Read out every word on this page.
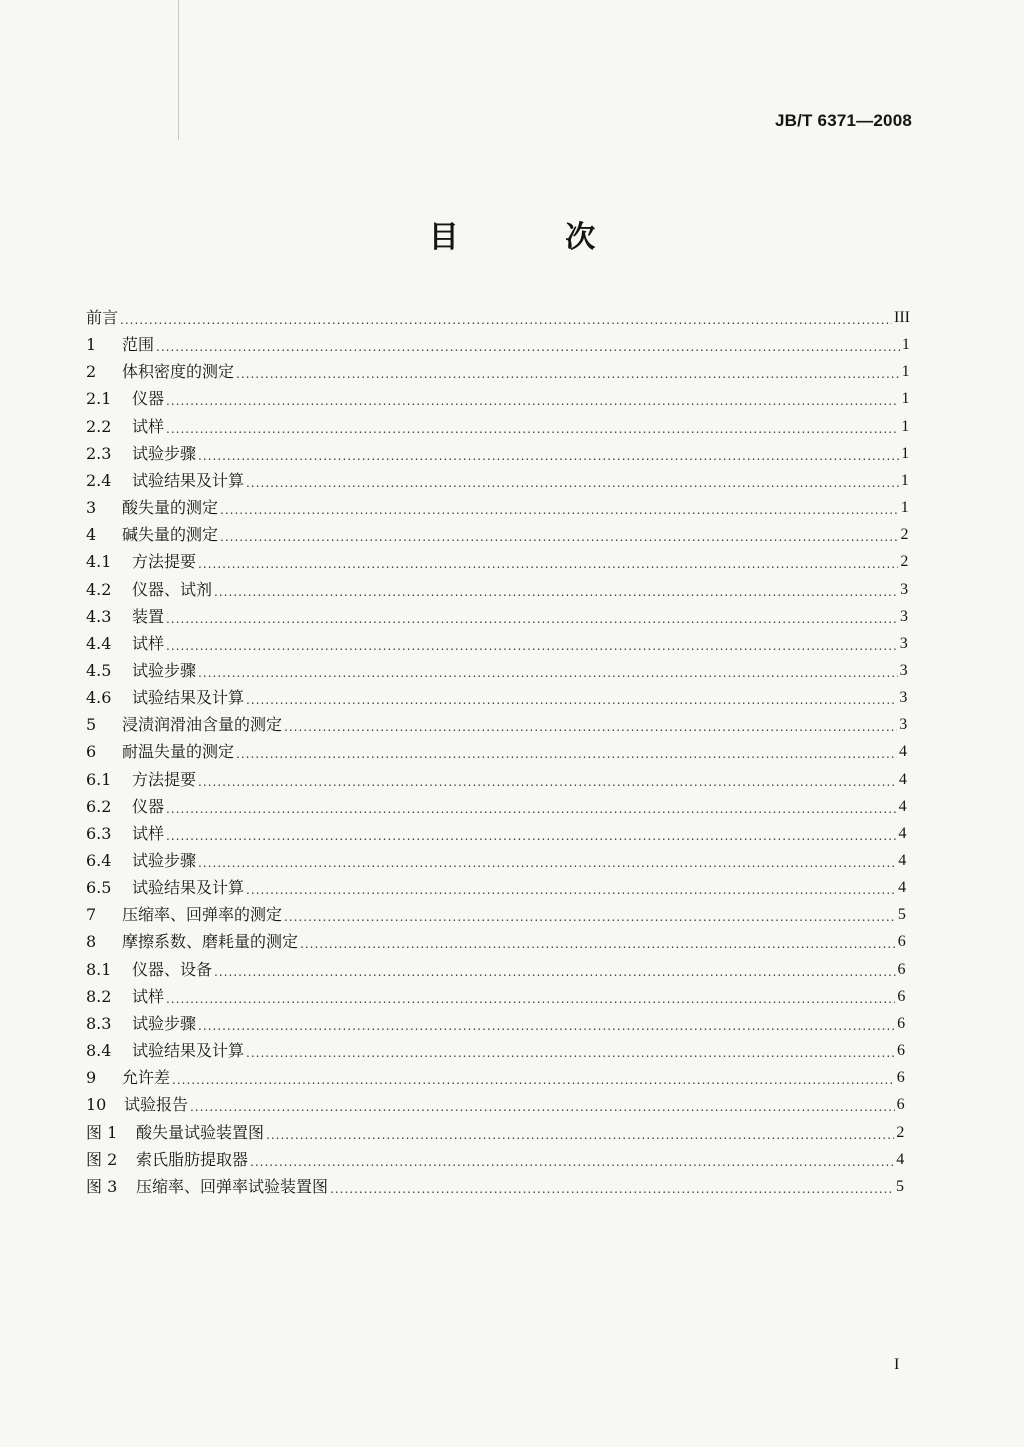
JB/T 6371—2008
目 次
前言 .....	III
1	范围 .....	1
2	体积密度的测定 .....	1
2.1	仪器 .....	1
2.2	试样 .....	1
2.3	试验步骤 .....	1
2.4	试验结果及计算 .....	1
3	酸失量的测定 .....	1
4	碱失量的测定 .....	2
4.1	方法提要 .....	2
4.2	仪器、试剂 .....	3
4.3	装置 .....	3
4.4	试样 .....	3
4.5	试验步骤 .....	3
4.6	试验结果及计算 .....	3
5	浸渍润滑油含量的测定 .....	3
6	耐温失量的测定 .....	4
6.1	方法提要 .....	4
6.2	仪器 .....	4
6.3	试样 .....	4
6.4	试验步骤 .....	4
6.5	试验结果及计算 .....	4
7	压缩率、回弹率的测定 .....	5
8	摩擦系数、磨耗量的测定 .....	6
8.1	仪器、设备 .....	6
8.2	试样 .....	6
8.3	试验步骤 .....	6
8.4	试验结果及计算 .....	6
9	允许差 .....	6
10	试验报告 .....	6
图 1	酸失量试验装置图 .....	2
图 2	索氏脂肪提取器 .....	4
图 3	压缩率、回弹率试验装置图 .....	5
I
